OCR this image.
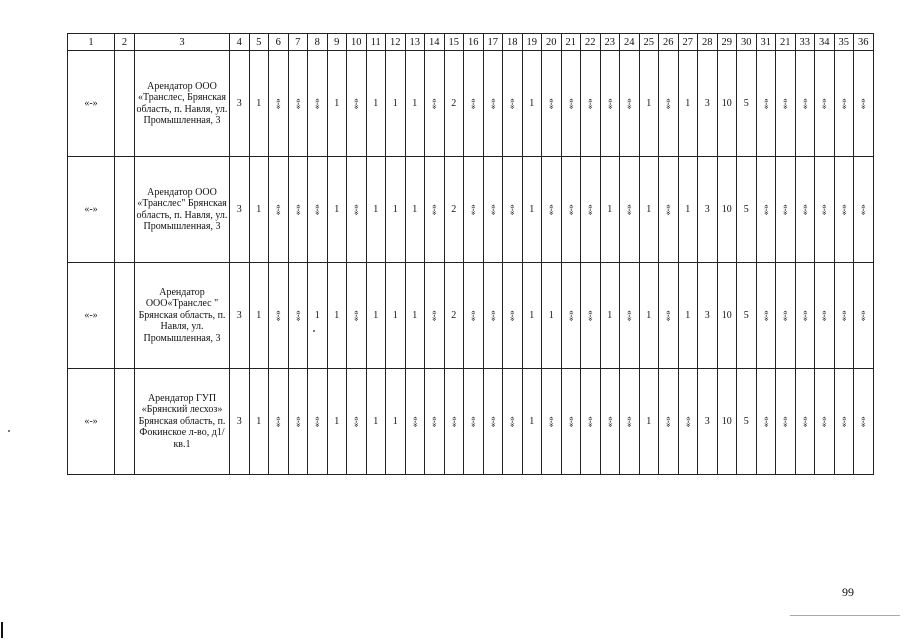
1	2	3	4	5	6	7	8	9	10	11	12	13	14	15	16	17	18	19	20	21	22	23	24	25	26	27	28	29	30	31	21	33	34	35	36
«-»		Арендатор ООО «Транслес, Брянская область, п. Навля, ул. Промышленная, 3	3	1	«-»	«-»	«-»	1	«-»	1	1	1	«-»	2	«-»	«-»	«-»	1	«-»	«-»	«-»	«-»	«-»	1	«-»	1	3	10	5	«-»	«-»	«-»	«-»	«-»	«-»
«-»		Арендатор ООО «Транслес" Брянская область, п. Навля, ул. Промышленная, 3	3	1	«-»	«-»	«-»	1	«-»	1	1	1	«-»	2	«-»	«-»	«-»	1	«-»	«-»	«-»	1	«-»	1	«-»	1	3	10	5	«-»	«-»	«-»	«-»	«-»	«-»
«-»		Арендатор ООО«Транслес " Брянская область, п. Навля, ул. Промышленная, 3	3	1	«-»	«-»	1	1	«-»	1	1	1	«-»	2	«-»	«-»	«-»	1	1	«-»	«-»	1	«-»	1	«-»	1	3	10	5	«-»	«-»	«-»	«-»	«-»	«-»
«-»		Арендатор ГУП «Брянский лесхоз» Брянская область, п. Фокинское л-во, д1/кв.1	3	1	«-»	«-»	«-»	1	«-»	1	1	«-»	«-»	«-»	«-»	«-»	«-»	1	«-»	«-»	«-»	«-»	«-»	1	«-»	«-»	3	10	5	«-»	«-»	«-»	«-»	«-»	«-»
99
